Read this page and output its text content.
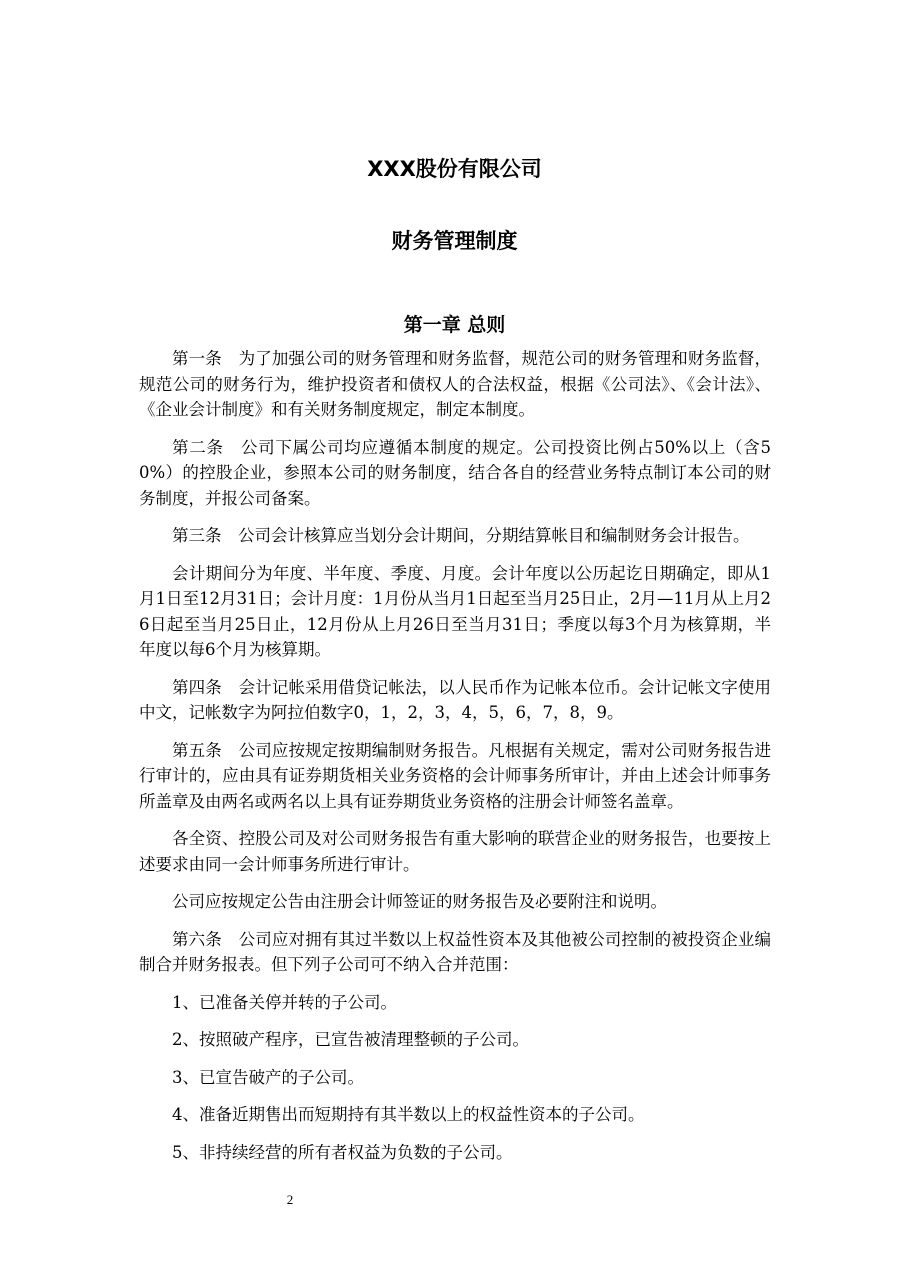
XXX股份有限公司
财务管理制度
第一章 总则

第一条　为了加强公司的财务管理和财务监督，规范公司的财务管理和财务监督，规范公司的财务行为，维护投资者和债权人的合法权益，根据《公司法》、《会计法》、《企业会计制度》和有关财务制度规定，制定本制度。

第二条　公司下属公司均应遵循本制度的规定。公司投资比例占50%以上（含50%）的控股企业，参照本公司的财务制度，结合各自的经营业务特点制订本公司的财务制度，并报公司备案。

第三条　公司会计核算应当划分会计期间，分期结算帐目和编制财务会计报告。

会计期间分为年度、半年度、季度、月度。会计年度以公历起讫日期确定，即从1月1日至12月31日；会计月度：1月份从当月1日起至当月25日止，2月—11月从上月26日起至当月25日止，12月份从上月26日至当月31日；季度以每3个月为核算期，半年度以每6个月为核算期。

第四条　会计记帐采用借贷记帐法，以人民币作为记帐本位币。会计记帐文字使用中文，记帐数字为阿拉伯数字0，1，2，3，4，5，6，7，8，9。

第五条　公司应按规定按期编制财务报告。凡根据有关规定，需对公司财务报告进行审计的，应由具有证券期货相关业务资格的会计师事务所审计，并由上述会计师事务所盖章及由两名或两名以上具有证券期货业务资格的注册会计师签名盖章。

各全资、控股公司及对公司财务报告有重大影响的联营企业的财务报告，也要按上述要求由同一会计师事务所进行审计。

公司应按规定公告由注册会计师签证的财务报告及必要附注和说明。

第六条　公司应对拥有其过半数以上权益性资本及其他被公司控制的被投资企业编制合并财务报表。但下列子公司可不纳入合并范围：

1、已准备关停并转的子公司。

2、按照破产程序，已宣告被清理整顿的子公司。

3、已宣告破产的子公司。

4、准备近期售出而短期持有其半数以上的权益性资本的子公司。

5、非持续经营的所有者权益为负数的子公司。

2
